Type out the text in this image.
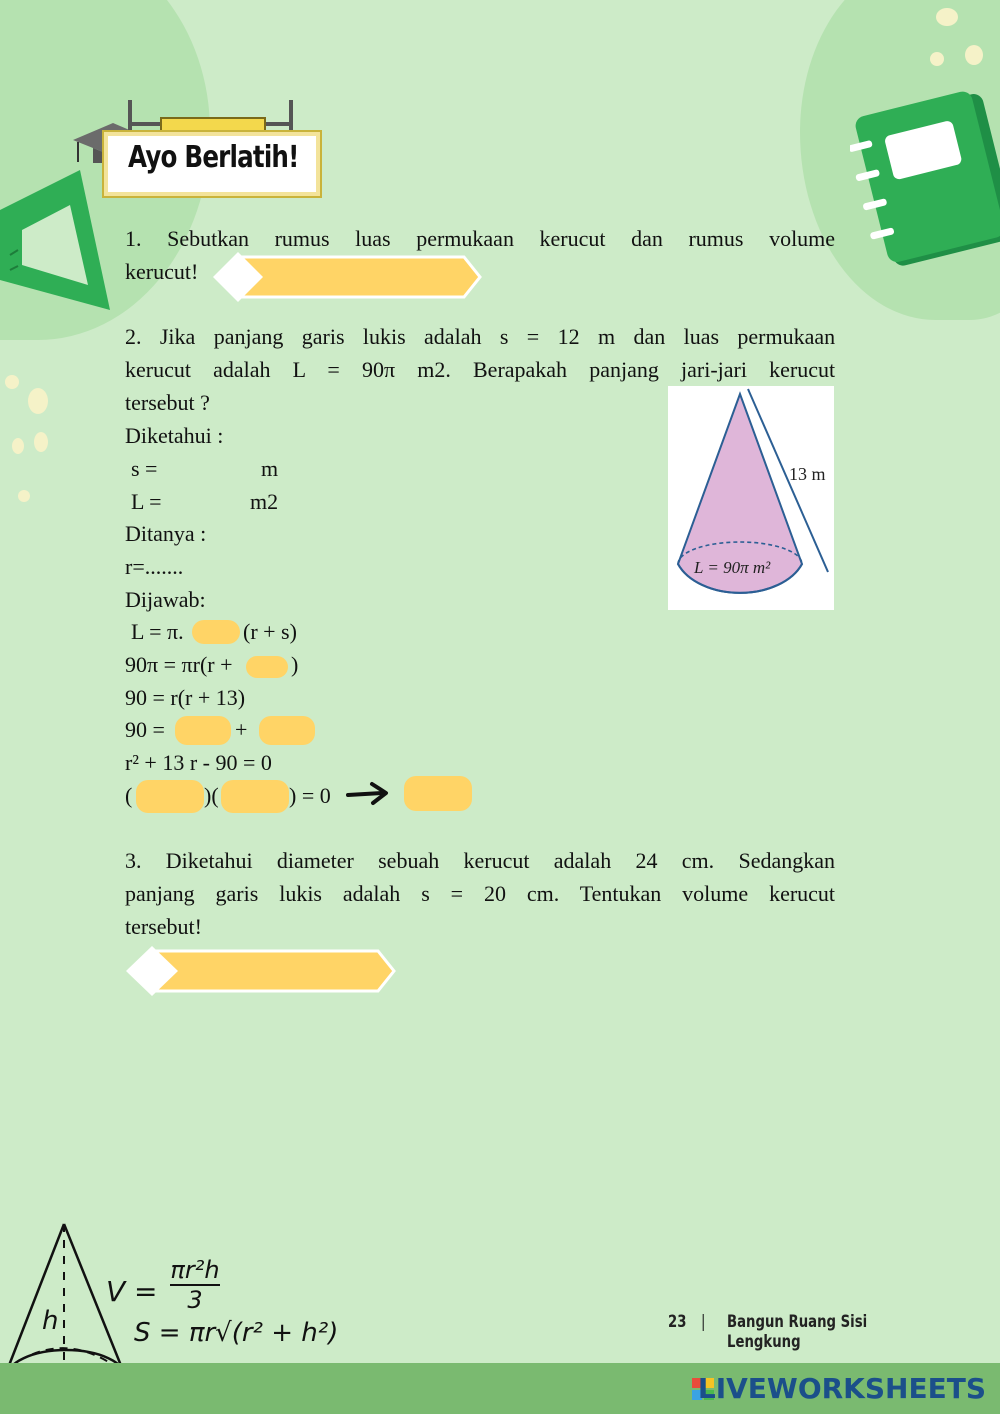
Ayo Berlatih!
1. Sebutkan rumus luas permukaan kerucut dan rumus volume
kerucut!
2. Jika panjang garis lukis adalah s = 12 m dan luas permukaan
kerucut adalah L = 90π m2. Berapakah panjang jari-jari kerucut
tersebut ?
Diketahui :
s =	m
L =	m2
Ditanya :
r=.......
Dijawab:
L = π.	(r + s)
90π = πr(r +	)
90 = r(r + 13)
90 =	+
r² + 13 r - 90 = 0
(	)(	) = 0
13 m
L = 90π m²
3. Diketahui diameter sebuah kerucut adalah 24 cm. Sedangkan
panjang garis lukis adalah s = 20 cm. Tentukan volume kerucut
tersebut!
h
$V = \frac{\text{πr²h}}{3}$
S = πr√(r² + h²)	23 | Bangun Ruang Sisi Lengkung
LIVEWORKSHEETS
